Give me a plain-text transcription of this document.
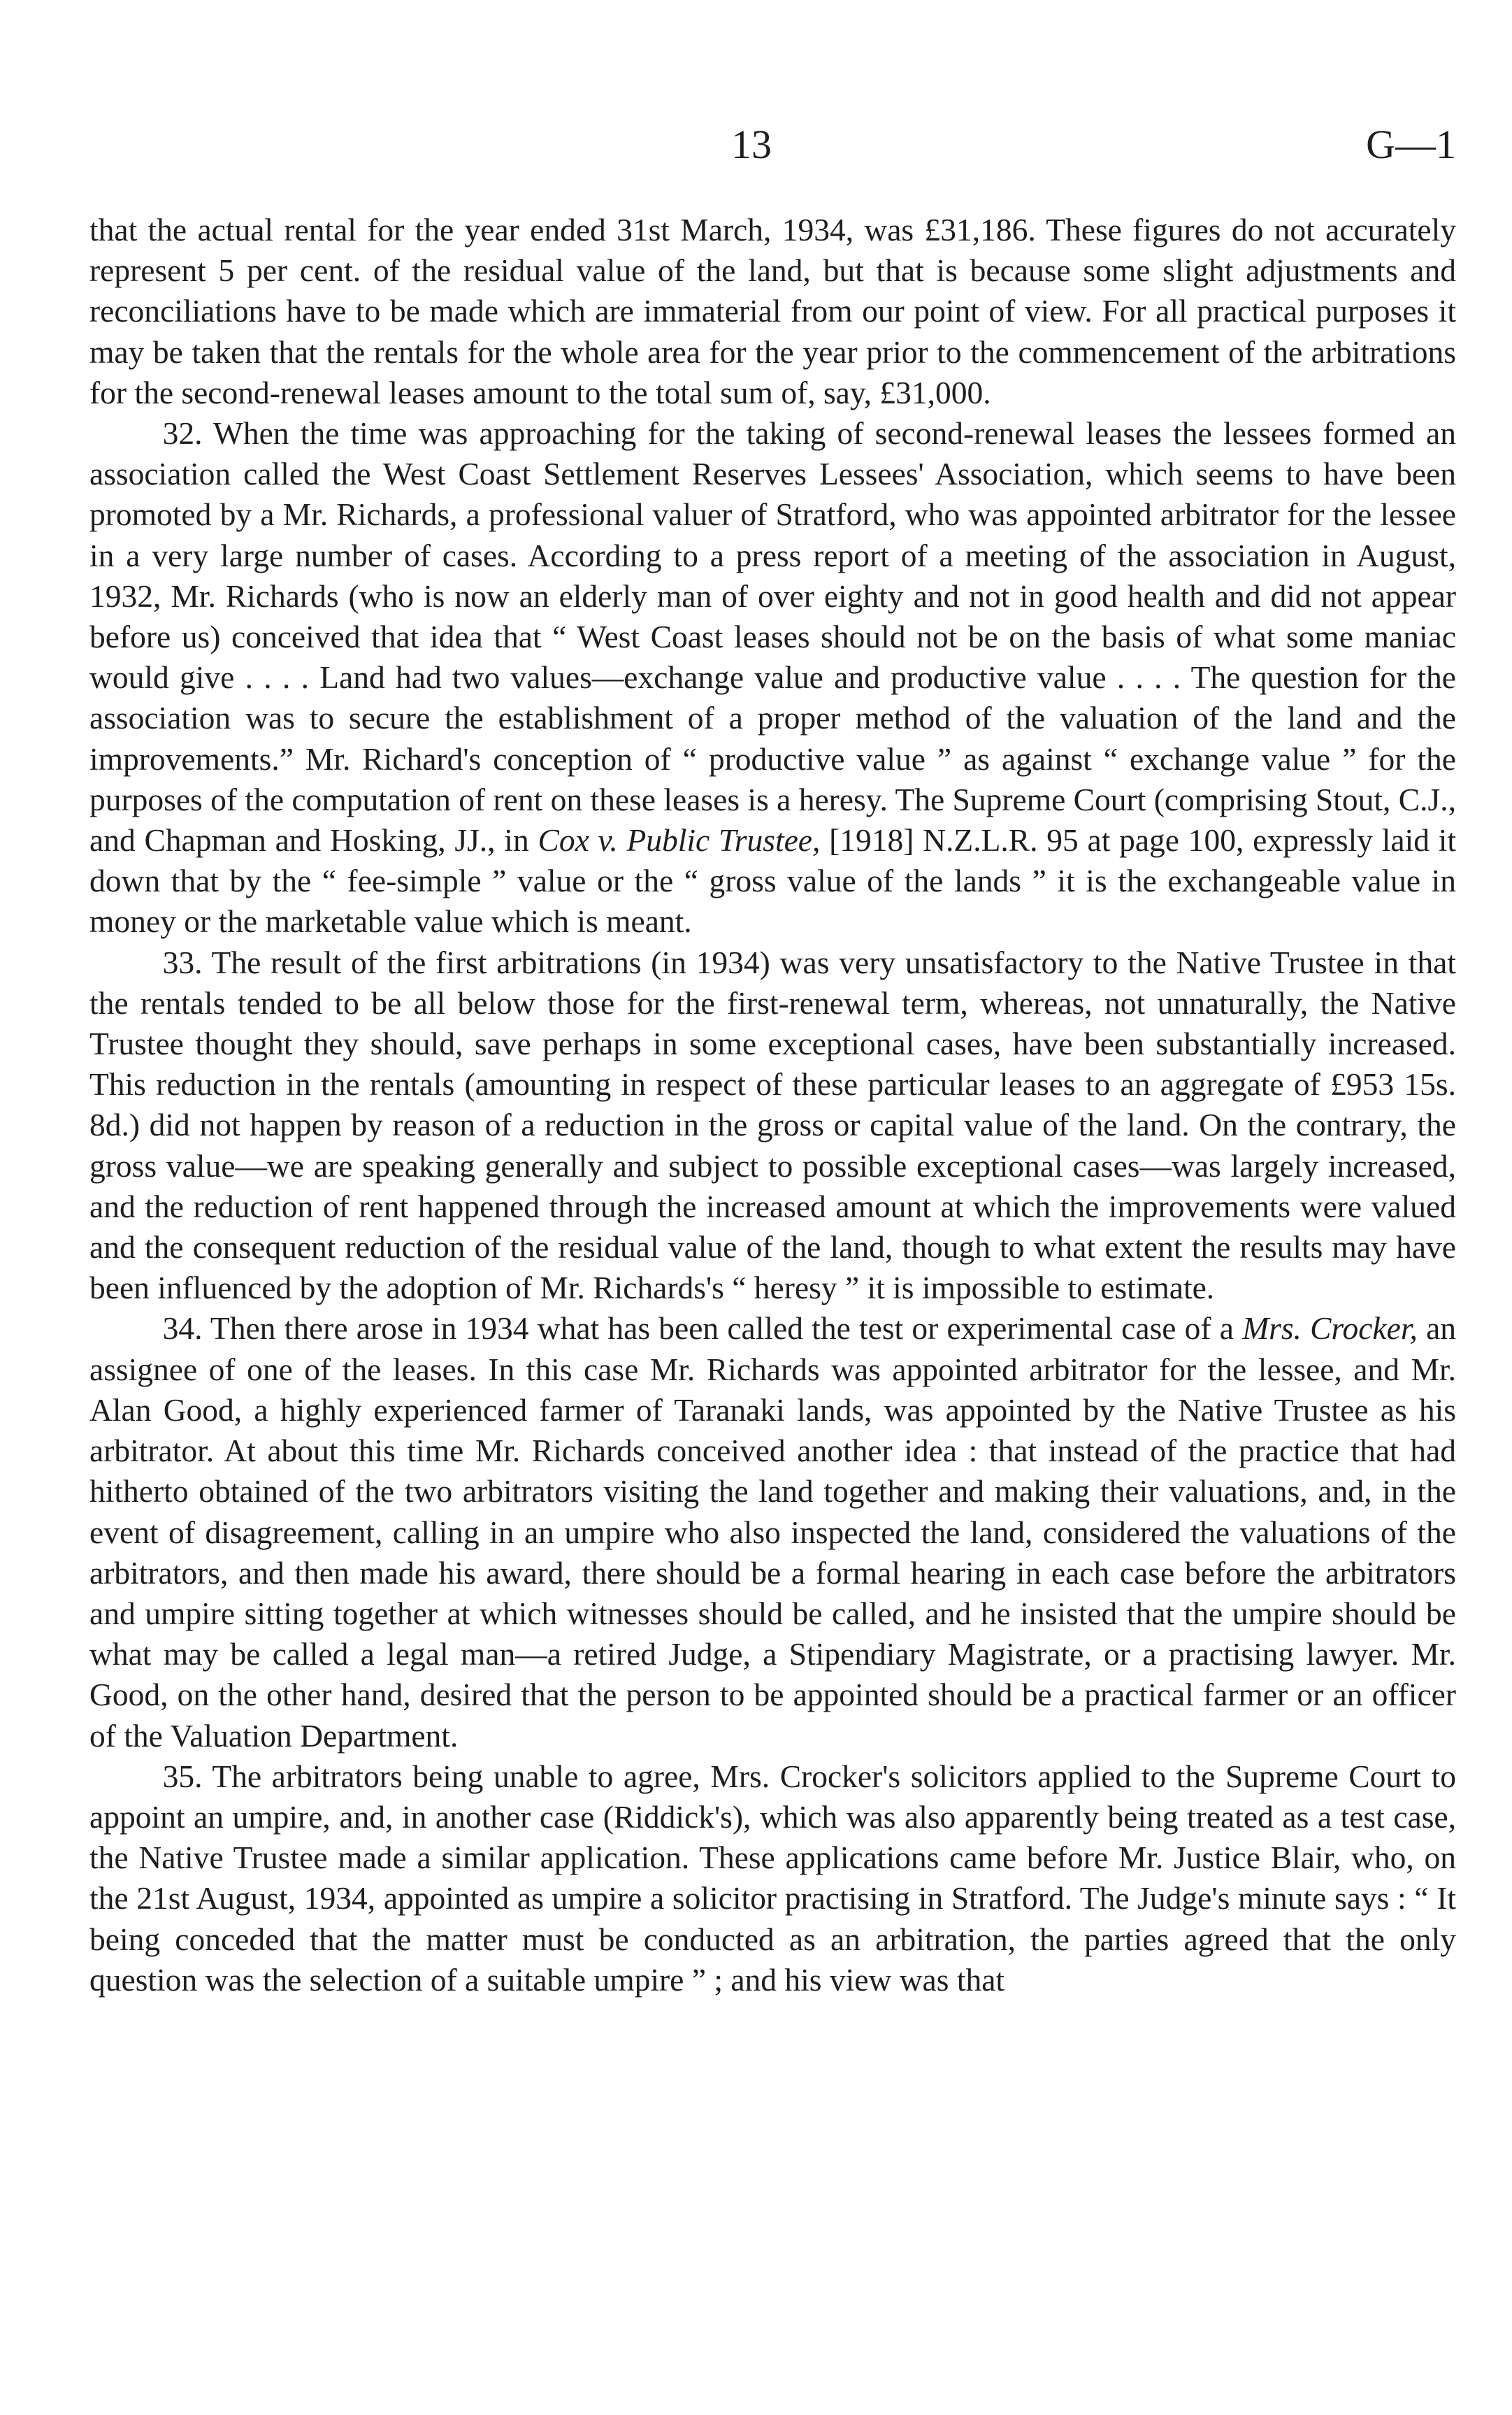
13	G—1

that the actual rental for the year ended 31st March, 1934, was £31,186. These figures do not accurately represent 5 per cent. of the residual value of the land, but that is because some slight adjustments and reconciliations have to be made which are immaterial from our point of view. For all practical purposes it may be taken that the rentals for the whole area for the year prior to the commencement of the arbitrations for the second-renewal leases amount to the total sum of, say, £31,000.

32. When the time was approaching for the taking of second-renewal leases the lessees formed an association called the West Coast Settlement Reserves Lessees' Association, which seems to have been promoted by a Mr. Richards, a professional valuer of Stratford, who was appointed arbitrator for the lessee in a very large number of cases. According to a press report of a meeting of the association in August, 1932, Mr. Richards (who is now an elderly man of over eighty and not in good health and did not appear before us) conceived that idea that “ West Coast leases should not be on the basis of what some maniac would give . . . . Land had two values—exchange value and productive value . . . . The question for the association was to secure the establishment of a proper method of the valuation of the land and the improvements.” Mr. Richard's conception of “ productive value ” as against “ exchange value ” for the purposes of the computation of rent on these leases is a heresy. The Supreme Court (comprising Stout, C.J., and Chapman and Hosking, JJ., in Cox v. Public Trustee, [1918] N.Z.L.R. 95 at page 100, expressly laid it down that by the “ fee-simple ” value or the “ gross value of the lands ” it is the exchangeable value in money or the marketable value which is meant.

33. The result of the first arbitrations (in 1934) was very unsatisfactory to the Native Trustee in that the rentals tended to be all below those for the first-renewal term, whereas, not unnaturally, the Native Trustee thought they should, save perhaps in some exceptional cases, have been substantially increased. This reduction in the rentals (amounting in respect of these particular leases to an aggregate of £953 15s. 8d.) did not happen by reason of a reduction in the gross or capital value of the land. On the contrary, the gross value—we are speaking generally and subject to possible exceptional cases—was largely increased, and the reduction of rent happened through the increased amount at which the improvements were valued and the consequent reduction of the residual value of the land, though to what extent the results may have been influenced by the adoption of Mr. Richards's “ heresy ” it is impossible to estimate.

34. Then there arose in 1934 what has been called the test or experimental case of a Mrs. Crocker, an assignee of one of the leases. In this case Mr. Richards was appointed arbitrator for the lessee, and Mr. Alan Good, a highly experienced farmer of Taranaki lands, was appointed by the Native Trustee as his arbitrator. At about this time Mr. Richards conceived another idea : that instead of the practice that had hitherto obtained of the two arbitrators visiting the land together and making their valuations, and, in the event of disagreement, calling in an umpire who also inspected the land, considered the valuations of the arbitrators, and then made his award, there should be a formal hearing in each case before the arbitrators and umpire sitting together at which witnesses should be called, and he insisted that the umpire should be what may be called a legal man—a retired Judge, a Stipendiary Magistrate, or a practising lawyer. Mr. Good, on the other hand, desired that the person to be appointed should be a practical farmer or an officer of the Valuation Department.

35. The arbitrators being unable to agree, Mrs. Crocker's solicitors applied to the Supreme Court to appoint an umpire, and, in another case (Riddick's), which was also apparently being treated as a test case, the Native Trustee made a similar application. These applications came before Mr. Justice Blair, who, on the 21st August, 1934, appointed as umpire a solicitor practising in Stratford. The Judge's minute says : “ It being conceded that the matter must be conducted as an arbitration, the parties agreed that the only question was the selection of a suitable umpire ” ; and his view was that
